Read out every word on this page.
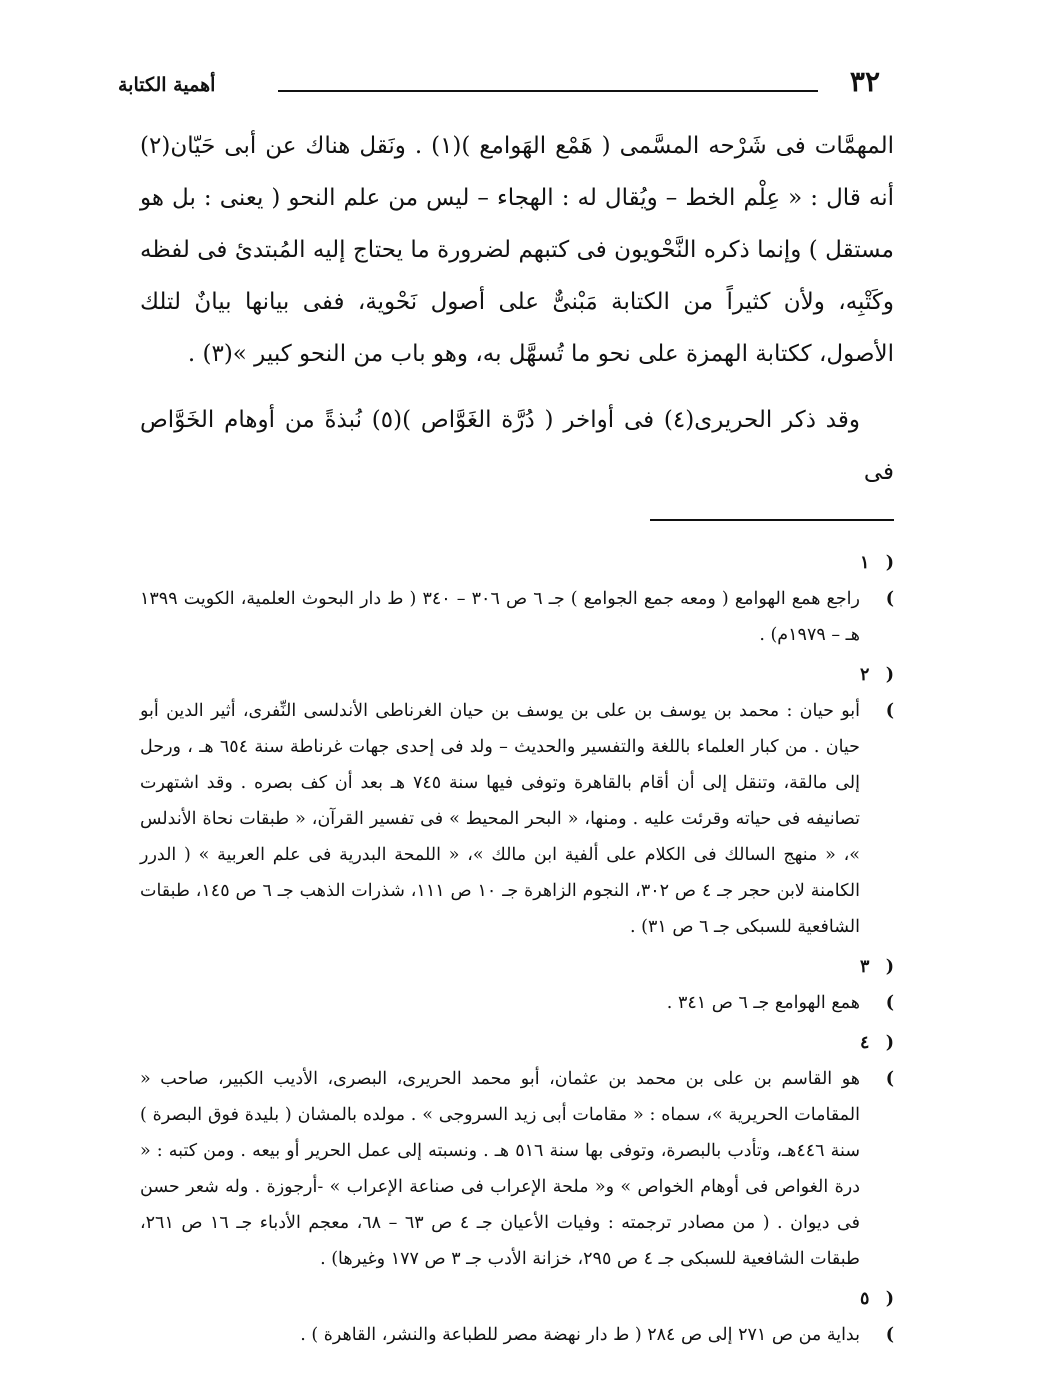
٣٢
أهمية الكتابة

المهمَّات فى شَرْحه المسَّمى ( هَمْع الهَوامع )(١) . ونَقل هناك عن أبى حَيّان(٢) أنه قال : « عِلْم الخط – ويُقال له : الهجاء – ليس من علم النحو ( يعنى : بل هو مستقل ) وإنما ذكره النَّحْويون فى كتبهم لضرورة ما يحتاج إليه المُبتدئ فى لفظه وكَتْبِه، ولأن كثيراً من الكتابة مَبْنىٌّ على أصول نَحْوية، ففى بيانها بيانٌ لتلك الأصول، ككتابة الهمزة على نحو ما تُسهَّل به، وهو باب من النحو كبير »(٣) .

وقد ذكر الحريرى(٤) فى أواخر ( دُرَّة الغَوَّاص )(٥) نُبذةً من أوهام الخَوَّاص فى

( ١ )راجع همع الهوامع ( ومعه جمع الجوامع ) جـ ٦ ص ٣٠٦ – ٣٤٠ ( ط دار البحوث العلمية، الكويت ١٣٩٩ هـ – ١٩٧٩م) .

( ٢ )أبو حيان : محمد بن يوسف بن على بن يوسف بن حيان الغرناطى الأندلسى النِّفرى، أثير الدين أبو حيان . من كبار العلماء باللغة والتفسير والحديث – ولد فى إحدى جهات غرناطة سنة ٦٥٤ هـ ، ورحل إلى مالقة، وتنقل إلى أن أقام بالقاهرة وتوفى فيها سنة ٧٤٥ هـ بعد أن كف بصره . وقد اشتهرت تصانيفه فى حياته وقرئت عليه . ومنها، « البحر المحيط » فى تفسير القرآن، « طبقات نحاة الأندلس »، « منهج السالك فى الكلام على ألفية ابن مالك »، « اللمحة البدرية فى علم العربية » ( الدرر الكامنة لابن حجر جـ ٤ ص ٣٠٢، النجوم الزاهرة جـ ١٠ ص ١١١، شذرات الذهب جـ ٦ ص ١٤٥، طبقات الشافعية للسبكى جـ ٦ ص ٣١) .

( ٣ )همع الهوامع جـ ٦ ص ٣٤١ .

( ٤ )هو القاسم بن على بن محمد بن عثمان، أبو محمد الحريرى، البصرى، الأديب الكبير، صاحب « المقامات الحريرية »، سماه : « مقامات أبى زيد السروجى » . مولده بالمشان ( بليدة فوق البصرة ) سنة ٤٤٦هـ، وتأدب بالبصرة، وتوفى بها سنة ٥١٦ هـ . ونسبته إلى عمل الحرير أو بيعه . ومن كتبه : « درة الغواص فى أوهام الخواص » و« ملحة الإعراب فى صناعة الإعراب » -أرجوزة . وله شعر حسن فى ديوان . ( من مصادر ترجمته : وفيات الأعيان جـ ٤ ص ٦٣ – ٦٨، معجم الأدباء جـ ١٦ ص ٢٦١، طبقات الشافعية للسبكى جـ ٤ ص ٢٩٥، خزانة الأدب جـ ٣ ص ١٧٧ وغيرها) .

( ٥ )بداية من ص ٢٧١ إلى ص ٢٨٤ ( ط دار نهضة مصر للطباعة والنشر، القاهرة ) .
